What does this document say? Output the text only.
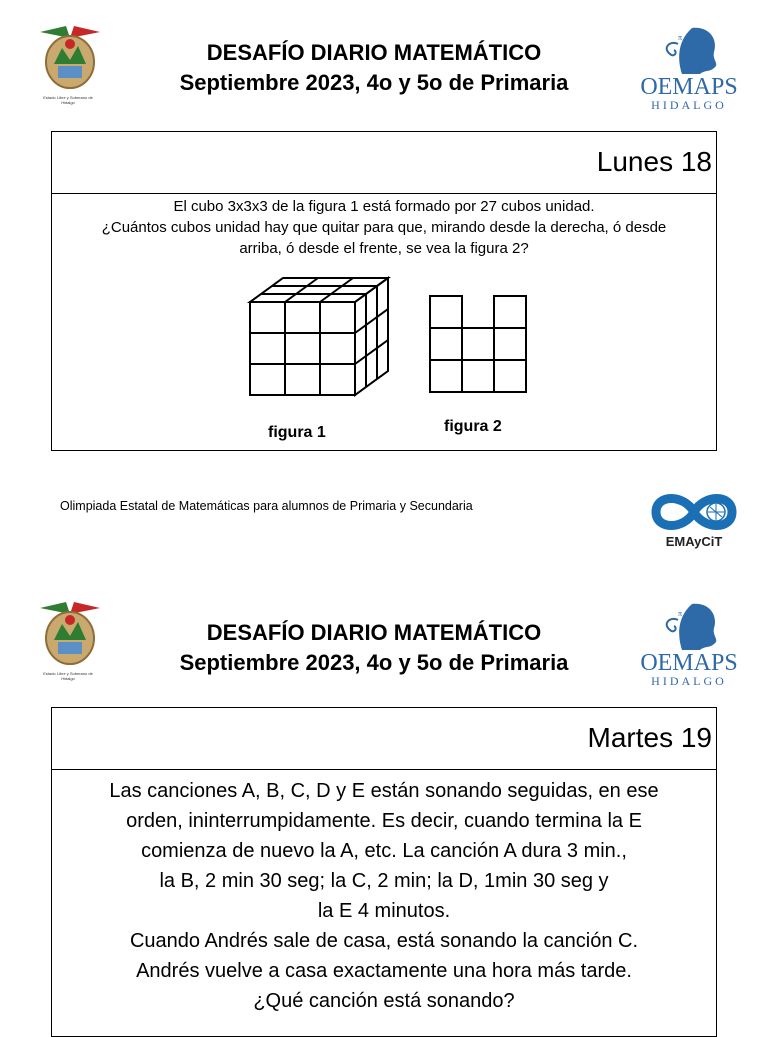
Estado Libre y Soberano de Hidalgo
DESAFÍO DIARIO MATEMÁTICO
Septiembre 2023, 4o y 5o de Primaria
π
OEMAPS
HIDALGO
Lunes 18
El cubo 3x3x3 de la figura 1 está formado por 27 cubos unidad.
¿Cuántos cubos unidad hay que quitar para que, mirando desde la derecha, ó desde
arriba, ó desde el frente, se vea la figura 2?
figura 1	figura 2
Olimpiada Estatal de Matemáticas para alumnos de Primaria y Secundaria
EMAyCiT
Estado Libre y Soberano de Hidalgo
DESAFÍO DIARIO MATEMÁTICO
Septiembre 2023, 4o y 5o de Primaria
π
OEMAPS
HIDALGO
Martes 19
Las canciones A, B, C, D y E están sonando seguidas, en ese
orden, ininterrumpidamente. Es decir, cuando termina la E
comienza de nuevo la A, etc. La canción A dura 3 min.,
la B, 2 min 30 seg; la C, 2 min; la D, 1min 30 seg y
la E 4 minutos.
Cuando Andrés sale de casa, está sonando la canción C.
Andrés vuelve a casa exactamente una hora más tarde.
¿Qué canción está sonando?
